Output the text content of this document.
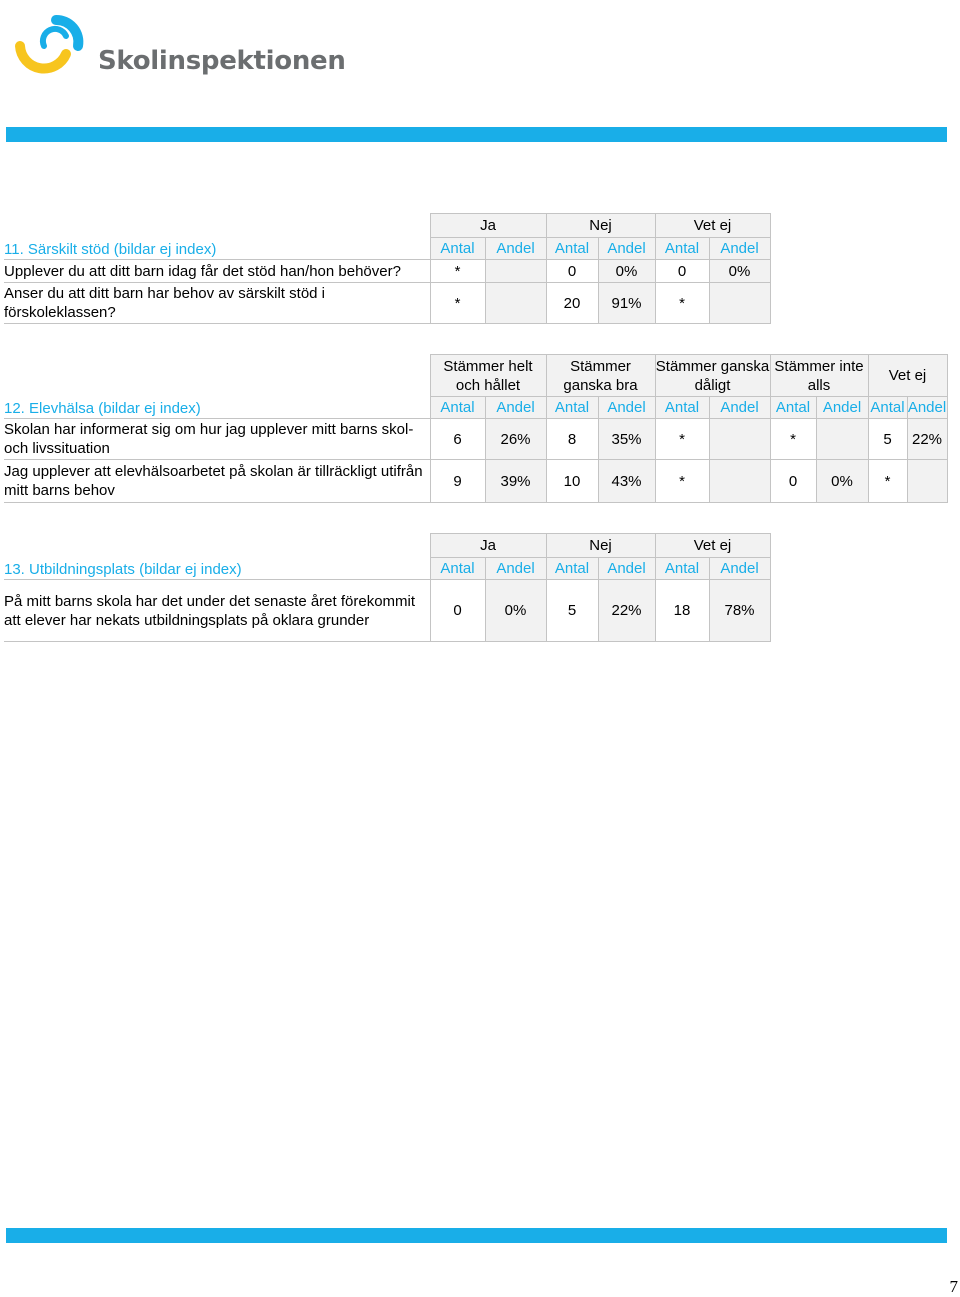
Skolinspektionen
	Ja		Nej		Vet ej	
11. Särskilt stöd (bildar ej index)	Antal	Andel	Antal	Andel	Antal	Andel
Upplever du att ditt barn idag får det stöd han/hon behöver?	*		0	0%	0	0%
Anser du att ditt barn har behov av särskilt stöd i förskoleklassen?	*		20	91%	*	
	Stämmer helt och hållet		Stämmer ganska bra		Stämmer ganska dåligt		Stämmer inte alls		Vet ej	
12. Elevhälsa (bildar ej index)	Antal	Andel	Antal	Andel	Antal	Andel	Antal	Andel	Antal	Andel
Skolan har informerat sig om hur jag upplever mitt barns skol- och livssituation	6	26%	8	35%	*		*		5	22%
Jag upplever att elevhälsoarbetet på skolan är tillräckligt utifrån mitt barns behov	9	39%	10	43%	*		0	0%	*	
	Ja		Nej		Vet ej	
13. Utbildningsplats (bildar ej index)	Antal	Andel	Antal	Andel	Antal	Andel
På mitt barns skola har det under det senaste året förekommit att elever har nekats utbildningsplats på oklara grunder	0	0%	5	22%	18	78%
7
